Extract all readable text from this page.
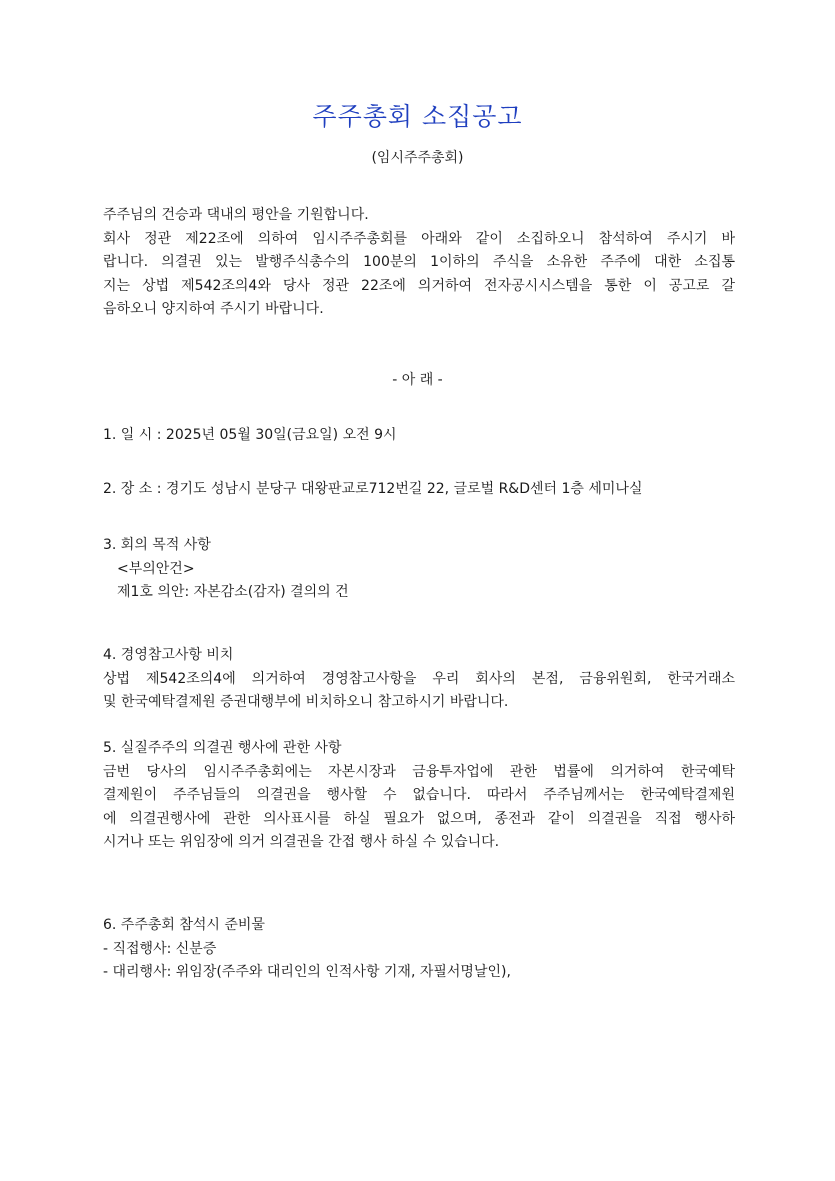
주주총회 소집공고
(임시주주총회)
주주님의 건승과 댁내의 평안을 기원합니다.
회사 정관 제22조에 의하여 임시주주총회를 아래와 같이 소집하오니 참석하여 주시기 바
랍니다. 의결권 있는 발행주식총수의 100분의 1이하의 주식을 소유한 주주에 대한 소집통
지는 상법 제542조의4와 당사 정관 22조에 의거하여 전자공시시스템을 통한 이 공고로 갈
음하오니 양지하여 주시기 바랍니다.
- 아 래 -
1. 일 시 : 2025년 05월 30일(금요일) 오전 9시
2. 장 소 : 경기도 성남시 분당구 대왕판교로712번길 22, 글로벌 R&D센터 1층 세미나실
3. 회의 목적 사항
<부의안건>
제1호 의안: 자본감소(감자) 결의의 건
4. 경영참고사항 비치
상법 제542조의4에 의거하여 경영참고사항을 우리 회사의 본점, 금융위원회, 한국거래소
및 한국예탁결제원 증권대행부에 비치하오니 참고하시기 바랍니다.
5. 실질주주의 의결권 행사에 관한 사항
금번 당사의 임시주주총회에는 자본시장과 금융투자업에 관한 법률에 의거하여 한국예탁
결제원이 주주님들의 의결권을 행사할 수 없습니다. 따라서 주주님께서는 한국예탁결제원
에 의결권행사에 관한 의사표시를 하실 필요가 없으며, 종전과 같이 의결권을 직접 행사하
시거나 또는 위임장에 의거 의결권을 간접 행사 하실 수 있습니다.
6. 주주총회 참석시 준비물
- 직접행사: 신분증
- 대리행사: 위임장(주주와 대리인의 인적사항 기재, 자필서명날인),
